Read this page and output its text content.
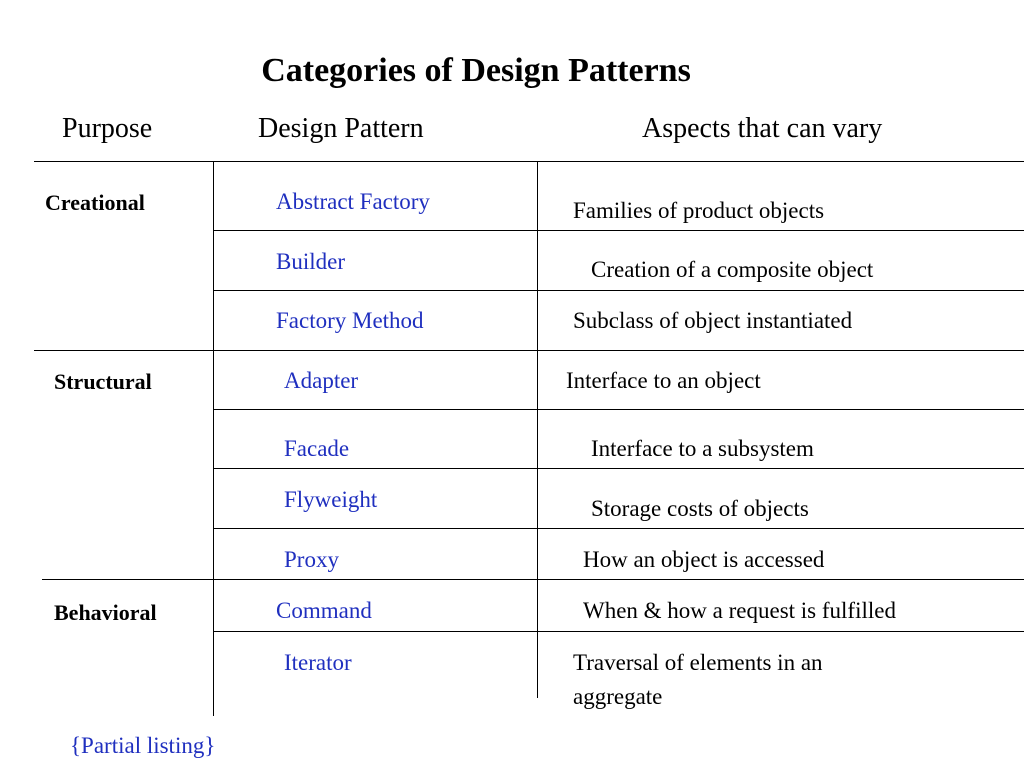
Categories of Design Patterns
Purpose	Design Pattern	Aspects that can vary
Creational
Structural
Behavioral
Abstract Factory
Builder
Factory Method
Adapter
Facade
Flyweight
Proxy
Command
Iterator
Families of product objects
Creation of a composite object
Subclass of object instantiated
Interface to an object
Interface to a subsystem
Storage costs of objects
How an object is accessed
When & how a request is fulfilled
Traversal of elements in an
aggregate
{Partial listing}
